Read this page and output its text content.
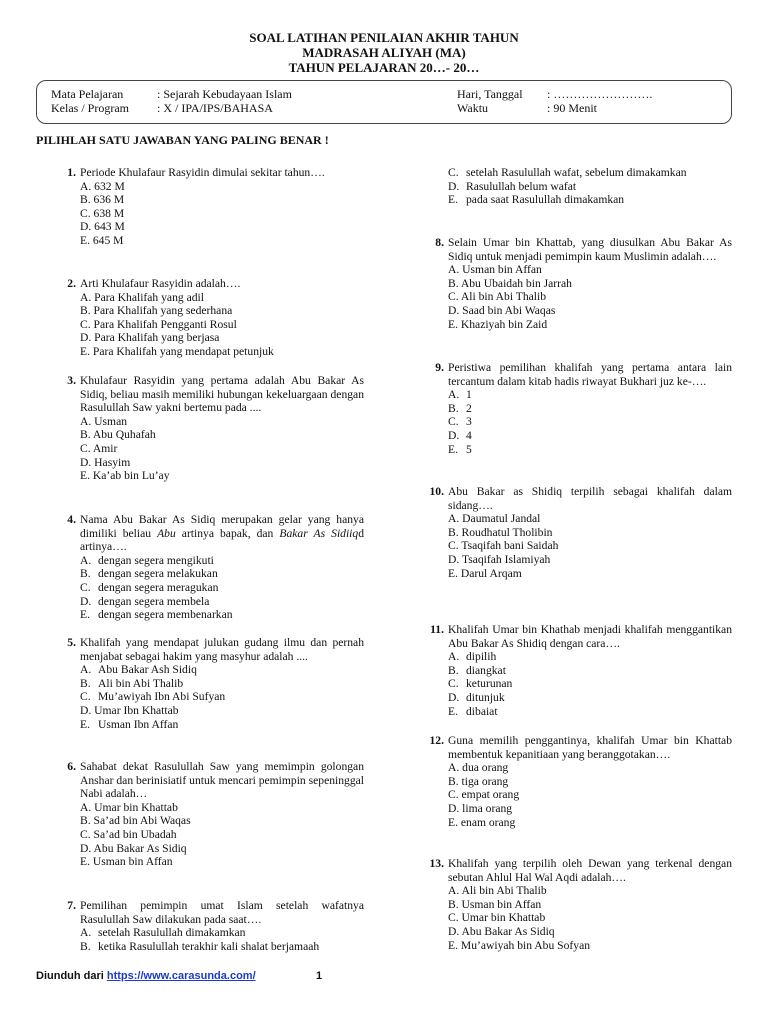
SOAL LATIHAN PENILAIAN AKHIR TAHUN
MADRASAH ALIYAH (MA)
TAHUN PELAJARAN 20…- 20…
Mata Pelajaran	: Sejarah Kebudayaan Islam
Kelas / Program : X / IPA/IPS/BAHASA
Hari, Tanggal : …………………….
Waktu	: 90 Menit
PILIHLAH SATU JAWABAN YANG PALING BENAR !
1. Periode Khulafaur Rasyidin dimulai sekitar tahun….

A. 632 M

B. 636 M

C. 638 M

D. 643 M

E. 645 M

2. Arti Khulafaur Rasyidin adalah….

A. Para Khalifah yang adil

B. Para Khalifah yang sederhana

C. Para Khalifah Pengganti Rosul

D. Para Khalifah yang berjasa

E. Para Khalifah yang mendapat petunjuk

3. Khulafaur Rasyidin yang pertama adalah Abu Bakar As Sidiq, beliau masih memiliki hubungan kekeluargaan dengan Rasulullah Saw yakni bertemu pada ....

A. Usman

B. Abu Quhafah

C. Amir

D. Hasyim

E. Ka’ab bin Lu’ay

4. Nama Abu Bakar As Sidiq merupakan gelar yang hanya dimiliki beliau Abu artinya bapak, dan Bakar As Sidiiqd artinya….

A. dengan segera mengikuti

B. dengan segera melakukan

C. dengan segera meragukan

D. dengan segera membela

E. dengan segera membenarkan

5. Khalifah yang mendapat julukan gudang ilmu dan pernah menjabat sebagai hakim yang masyhur adalah ....

A. Abu Bakar Ash Sidiq

B. Ali bin Abi Thalib

C. Mu’awiyah Ibn Abi Sufyan

D. Umar Ibn Khattab

E. Usman Ibn Affan

6. Sahabat dekat Rasulullah Saw yang memimpin golongan Anshar dan berinisiatif untuk mencari pemimpin sepeninggal Nabi adalah…

A. Umar bin Khattab

B. Sa’ad bin Abi Waqas

C. Sa’ad bin Ubadah

D. Abu Bakar As Sidiq

E. Usman bin Affan

7. Pemilihan pemimpin umat Islam setelah wafatnya Rasulullah Saw dilakukan pada saat….

A. setelah Rasulullah dimakamkan

B. ketika Rasulullah terakhir kali shalat berjamaah

C. setelah Rasulullah wafat, sebelum dimakamkan

D. Rasulullah belum wafat

E. pada saat Rasulullah dimakamkan

8. Selain Umar bin Khattab, yang diusulkan Abu Bakar As Sidiq untuk menjadi pemimpin kaum Muslimin adalah….

A. Usman bin Affan

B. Abu Ubaidah bin Jarrah

C. Ali bin Abi Thalib

D. Saad bin Abi Waqas

E. Khaziyah bin Zaid

9. Peristiwa pemilihan khalifah yang pertama antara lain tercantum dalam kitab hadis riwayat Bukhari juz ke-….

A. 1

B. 2

C. 3

D. 4

E. 5

10. Abu Bakar as Shidiq terpilih sebagai khalifah dalam sidang….

A. Daumatul Jandal

B. Roudhatul Tholibin

C. Tsaqifah bani Saidah

D. Tsaqifah Islamiyah

E. Darul Arqam

11. Khalifah Umar bin Khathab menjadi khalifah menggantikan Abu Bakar As Shidiq dengan cara….

A. dipilih

B. diangkat

C. keturunan

D. ditunjuk

E. dibaiat

12. Guna memilih penggantinya, khalifah Umar bin Khattab membentuk kepanitiaan yang beranggotakan….

A. dua orang

B. tiga orang

C. empat orang

D. lima orang

E. enam orang

13. Khalifah yang terpilih oleh Dewan yang terkenal dengan sebutan Ahlul Hal Wal Aqdi adalah….

A. Ali bin Abi Thalib

B. Usman bin Affan

C. Umar bin Khattab

D. Abu Bakar As Sidiq

E. Mu’awiyah bin Abu Sofyan

Diunduh dari https://www.carasunda.com/	1
